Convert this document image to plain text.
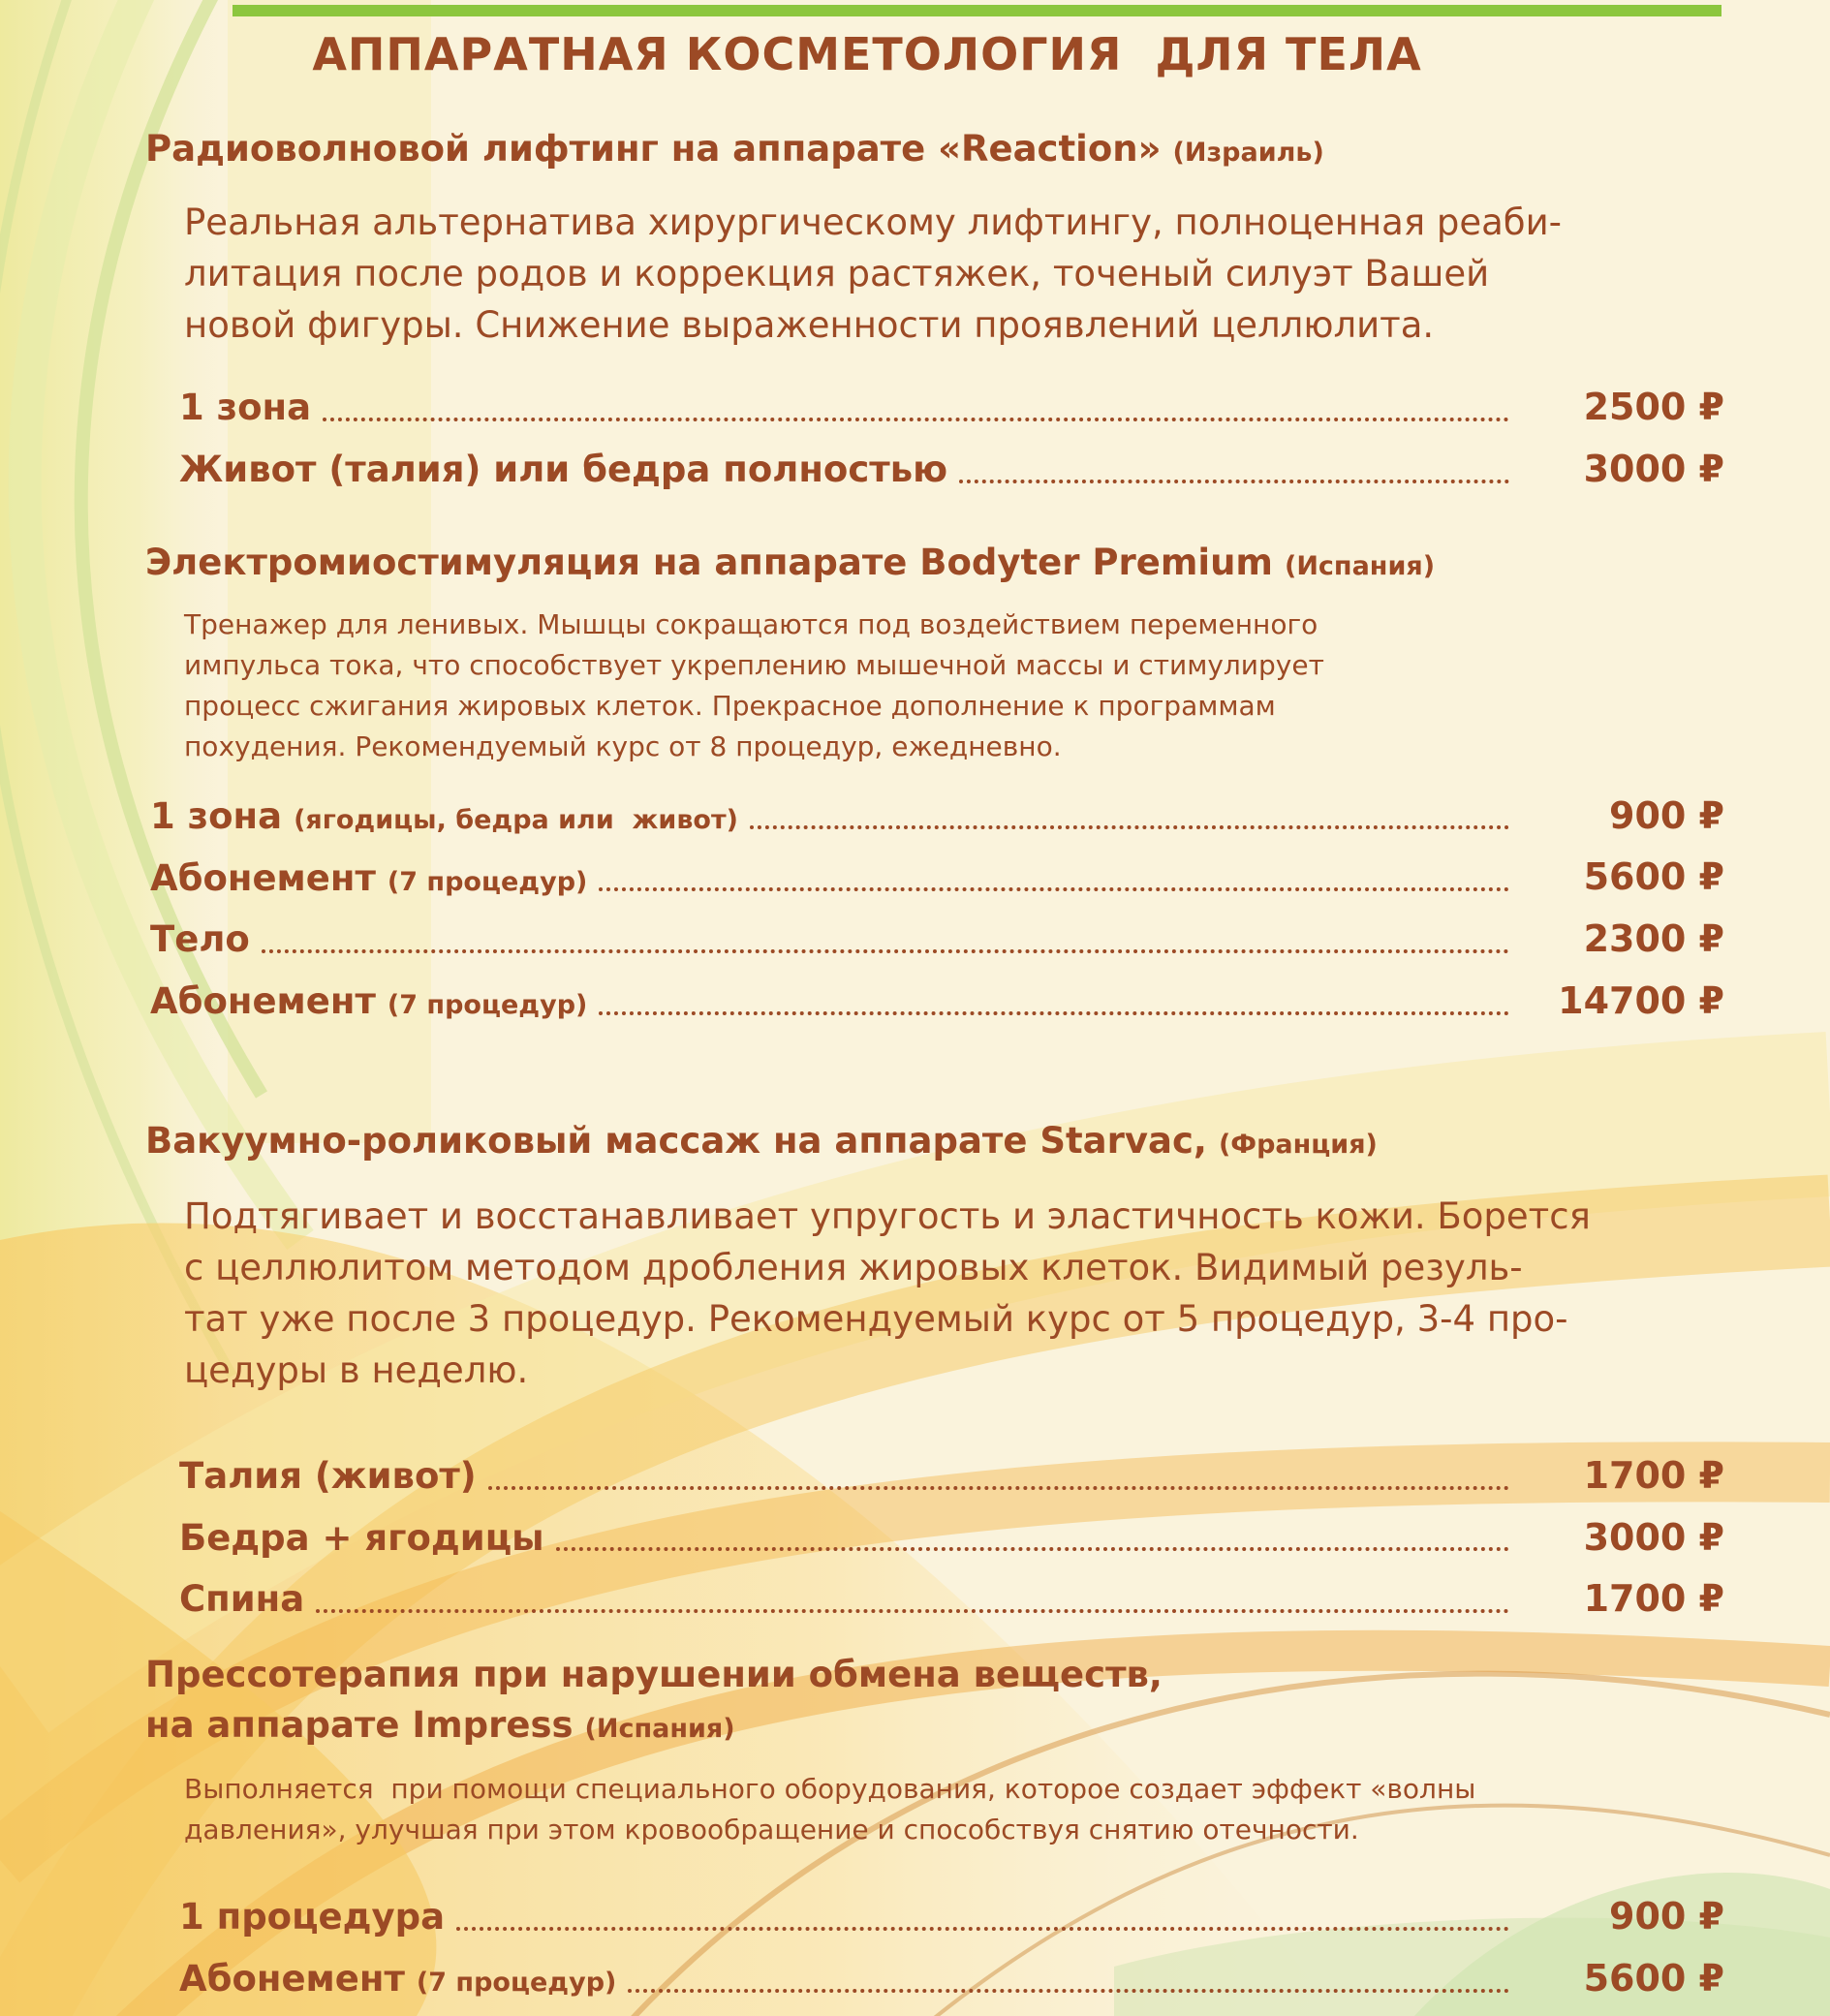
АППАРАТНАЯ КОСМЕТОЛОГИЯ  ДЛЯ ТЕЛА
Радиоволновой лифтинг на аппарате «Reaction» (Израиль)
Реальная альтернатива хирургическому лифтингу, полноценная реаби-
литация после родов и коррекция растяжек, точеный силуэт Вашей
новой фигуры. Снижение выраженности проявлений целлюлита.
1 зона	2500 ₽
Живот (талия) или бедра полностью	3000 ₽
Электромиостимуляция на аппарате Bodyter Premium (Испания)
Тренажер для ленивых. Мышцы сокращаются под воздействием переменного
импульса тока, что способствует укреплению мышечной массы и стимулирует
процесс сжигания жировых клеток. Прекрасное дополнение к программам
похудения. Рекомендуемый курс от 8 процедур, ежедневно.
1 зона (ягодицы, бедра или  живот)	900 ₽
Абонемент (7 процедур)	5600 ₽
Тело	2300 ₽
Абонемент (7 процедур)	14700 ₽
Вакуумно-роликовый массаж на аппарате Starvac, (Франция)
Подтягивает и восстанавливает упругость и эластичность кожи. Борется
с целлюлитом методом дробления жировых клеток. Видимый резуль-
тат уже после 3 процедур. Рекомендуемый курс от 5 процедур, 3-4 про-
цедуры в неделю.
Талия (живот)	1700 ₽
Бедра + ягодицы	3000 ₽
Спина	1700 ₽
Прессотерапия при нарушении обмена веществ,
на аппарате Impress (Испания)
Выполняется  при помощи специального оборудования, которое создает эффект «волны
давления», улучшая при этом кровообращение и способствуя снятию отечности.
1 процедура	900 ₽
Абонемент (7 процедур)	5600 ₽
